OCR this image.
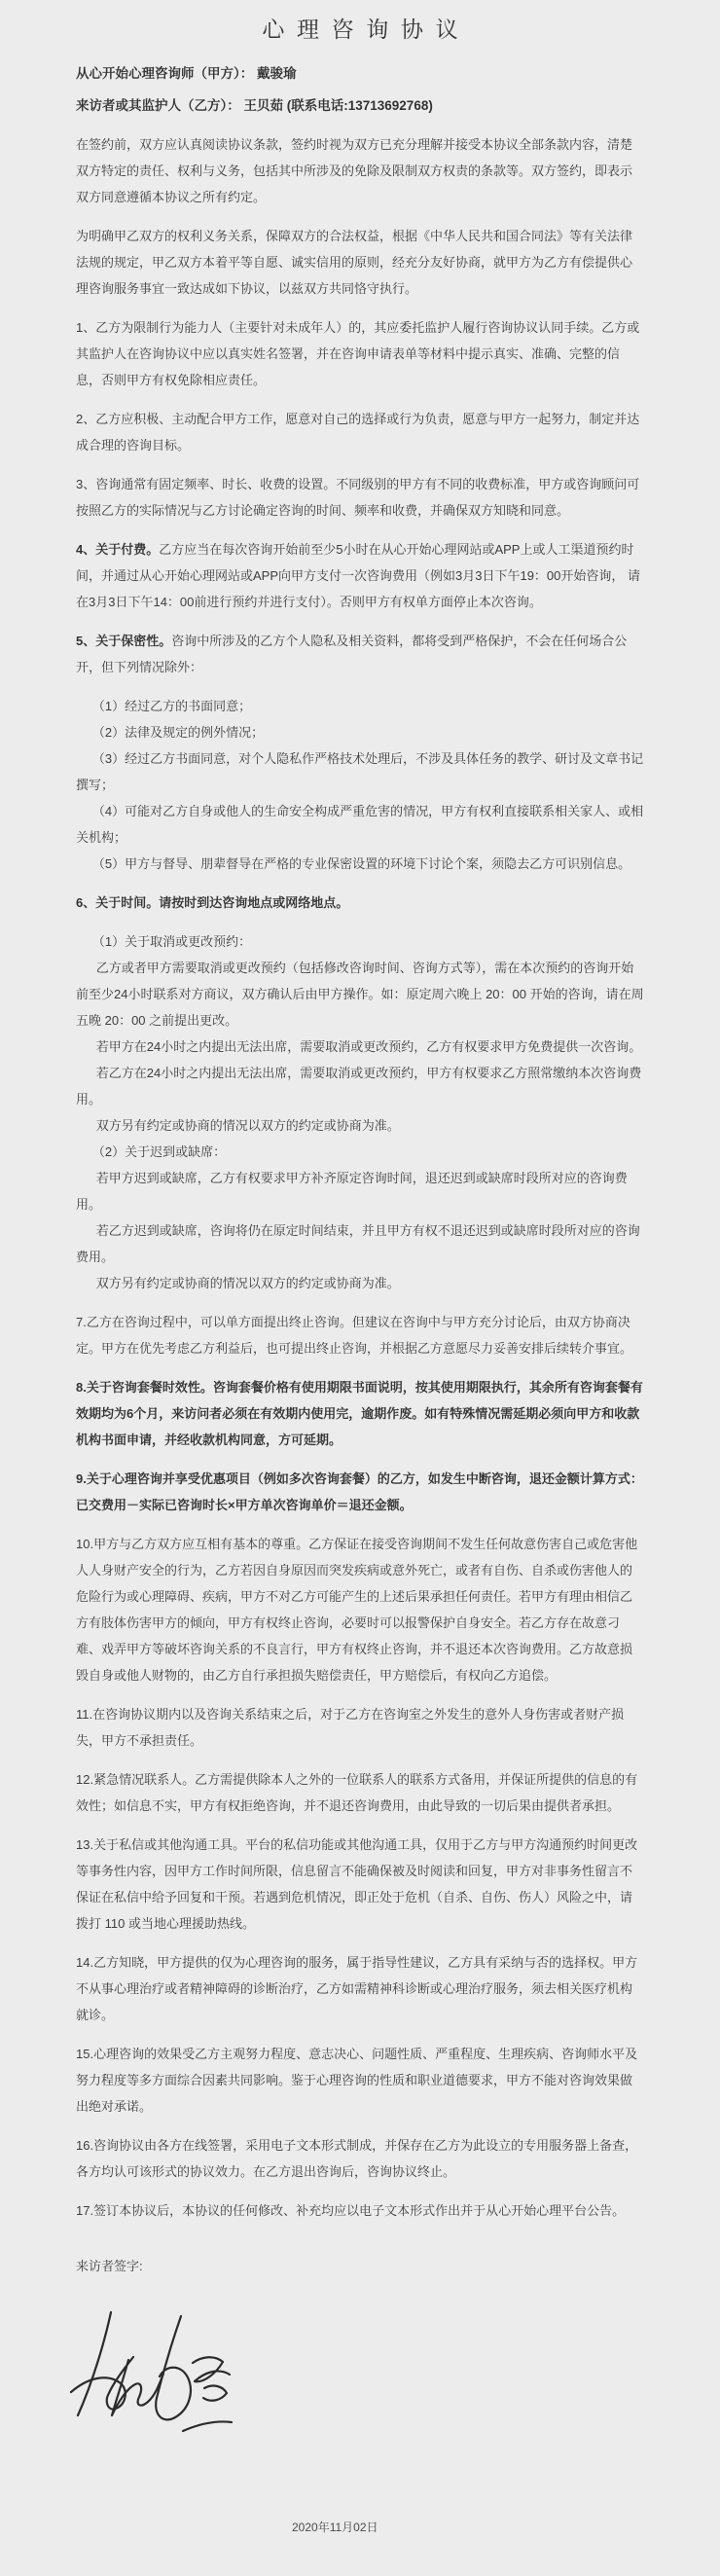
心理咨询协议

从心开始心理咨询师（甲方）： 戴骏瑜

来访者或其监护人（乙方）： 王贝茹 (联系电话:13713692768)

在签约前，双方应认真阅读协议条款，签约时视为双方已充分理解并接受本协议全部条款内容，清楚双方特定的责任、权利与义务，包括其中所涉及的免除及限制双方权责的条款等。双方签约，即表示双方同意遵循本协议之所有约定。

为明确甲乙双方的权利义务关系，保障双方的合法权益，根据《中华人民共和国合同法》等有关法律法规的规定，甲乙双方本着平等自愿、诚实信用的原则，经充分友好协商，就甲方为乙方有偿提供心理咨询服务事宜一致达成如下协议，以兹双方共同恪守执行。

1、乙方为限制行为能力人（主要针对未成年人）的，其应委托监护人履行咨询协议认同手续。乙方或其监护人在咨询协议中应以真实姓名签署，并在咨询申请表单等材料中提示真实、准确、完整的信息，否则甲方有权免除相应责任。

2、乙方应积极、主动配合甲方工作，愿意对自己的选择或行为负责，愿意与甲方一起努力，制定并达成合理的咨询目标。

3、咨询通常有固定频率、时长、收费的设置。不同级别的甲方有不同的收费标准，甲方或咨询顾问可按照乙方的实际情况与乙方讨论确定咨询的时间、频率和收费，并确保双方知晓和同意。

4、关于付费。乙方应当在每次咨询开始前至少5小时在从心开始心理网站或APP上或人工渠道预约时间，并通过从心开始心理网站或APP向甲方支付一次咨询费用（例如3月3日下午19：00开始咨询， 请在3月3日下午14：00前进行预约并进行支付）。否则甲方有权单方面停止本次咨询。

5、关于保密性。咨询中所涉及的乙方个人隐私及相关资料，都将受到严格保护，不会在任何场合公开，但下列情况除外：

（1）经过乙方的书面同意；

（2）法律及规定的例外情况；

（3）经过乙方书面同意，对个人隐私作严格技术处理后，不涉及具体任务的教学、研讨及文章书记撰写；

（4）可能对乙方自身或他人的生命安全构成严重危害的情况，甲方有权利直接联系相关家人、或相关机构；

（5）甲方与督导、朋辈督导在严格的专业保密设置的环境下讨论个案，须隐去乙方可识别信息。

6、关于时间。请按时到达咨询地点或网络地点。

（1）关于取消或更改预约：

乙方或者甲方需要取消或更改预约（包括修改咨询时间、咨询方式等），需在本次预约的咨询开始前至少24小时联系对方商议，双方确认后由甲方操作。如：原定周六晚上 20：00 开始的咨询，请在周五晚 20：00 之前提出更改。

若甲方在24小时之内提出无法出席，需要取消或更改预约，乙方有权要求甲方免费提供一次咨询。

若乙方在24小时之内提出无法出席，需要取消或更改预约，甲方有权要求乙方照常缴纳本次咨询费用。

双方另有约定或协商的情况以双方的约定或协商为准。

（2）关于迟到或缺席：

若甲方迟到或缺席，乙方有权要求甲方补齐原定咨询时间，退还迟到或缺席时段所对应的咨询费用。

若乙方迟到或缺席，咨询将仍在原定时间结束，并且甲方有权不退还迟到或缺席时段所对应的咨询费用。

双方另有约定或协商的情况以双方的约定或协商为准。

7.乙方在咨询过程中，可以单方面提出终止咨询。但建议在咨询中与甲方充分讨论后，由双方协商决定。甲方在优先考虑乙方利益后，也可提出终止咨询，并根据乙方意愿尽力妥善安排后续转介事宜。

8.关于咨询套餐时效性。咨询套餐价格有使用期限书面说明，按其使用期限执行，其余所有咨询套餐有效期均为6个月，来访问者必须在有效期内使用完，逾期作废。如有特殊情况需延期必须向甲方和收款机构书面申请，并经收款机构同意，方可延期。

9.关于心理咨询并享受优惠项目（例如多次咨询套餐）的乙方，如发生中断咨询，退还金额计算方式：已交费用－实际已咨询时长×甲方单次咨询单价＝退还金额。

10.甲方与乙方双方应互相有基本的尊重。乙方保证在接受咨询期间不发生任何故意伤害自己或危害他人人身财产安全的行为，乙方若因自身原因而突发疾病或意外死亡，或者有自伤、自杀或伤害他人的危险行为或心理障碍、疾病，甲方不对乙方可能产生的上述后果承担任何责任。若甲方有理由相信乙方有肢体伤害甲方的倾向，甲方有权终止咨询，必要时可以报警保护自身安全。若乙方存在故意刁难、戏弄甲方等破坏咨询关系的不良言行，甲方有权终止咨询，并不退还本次咨询费用。乙方故意损毁自身或他人财物的，由乙方自行承担损失赔偿责任，甲方赔偿后，有权向乙方追偿。

11.在咨询协议期内以及咨询关系结束之后，对于乙方在咨询室之外发生的意外人身伤害或者财产损失，甲方不承担责任。

12.紧急情况联系人。乙方需提供除本人之外的一位联系人的联系方式备用，并保证所提供的信息的有效性；如信息不实，甲方有权拒绝咨询，并不退还咨询费用，由此导致的一切后果由提供者承担。

13.关于私信或其他沟通工具。平台的私信功能或其他沟通工具，仅用于乙方与甲方沟通预约时间更改等事务性内容，因甲方工作时间所限，信息留言不能确保被及时阅读和回复，甲方对非事务性留言不保证在私信中给予回复和干预。若遇到危机情况，即正处于危机（自杀、自伤、伤人）风险之中，请拨打 110 或当地心理援助热线。

14.乙方知晓，甲方提供的仅为心理咨询的服务，属于指导性建议，乙方具有采纳与否的选择权。甲方不从事心理治疗或者精神障碍的诊断治疗，乙方如需精神科诊断或心理治疗服务，须去相关医疗机构就诊。

15.心理咨询的效果受乙方主观努力程度、意志决心、问题性质、严重程度、生理疾病、咨询师水平及努力程度等多方面综合因素共同影响。鉴于心理咨询的性质和职业道德要求，甲方不能对咨询效果做出绝对承诺。

16.咨询协议由各方在线签署，采用电子文本形式制成，并保存在乙方为此设立的专用服务器上备查，各方均认可该形式的协议效力。在乙方退出咨询后，咨询协议终止。

17.签订本协议后，本协议的任何修改、补充均应以电子文本形式作出并于从心开始心理平台公告。

来访者签字:

2020年11月02日
